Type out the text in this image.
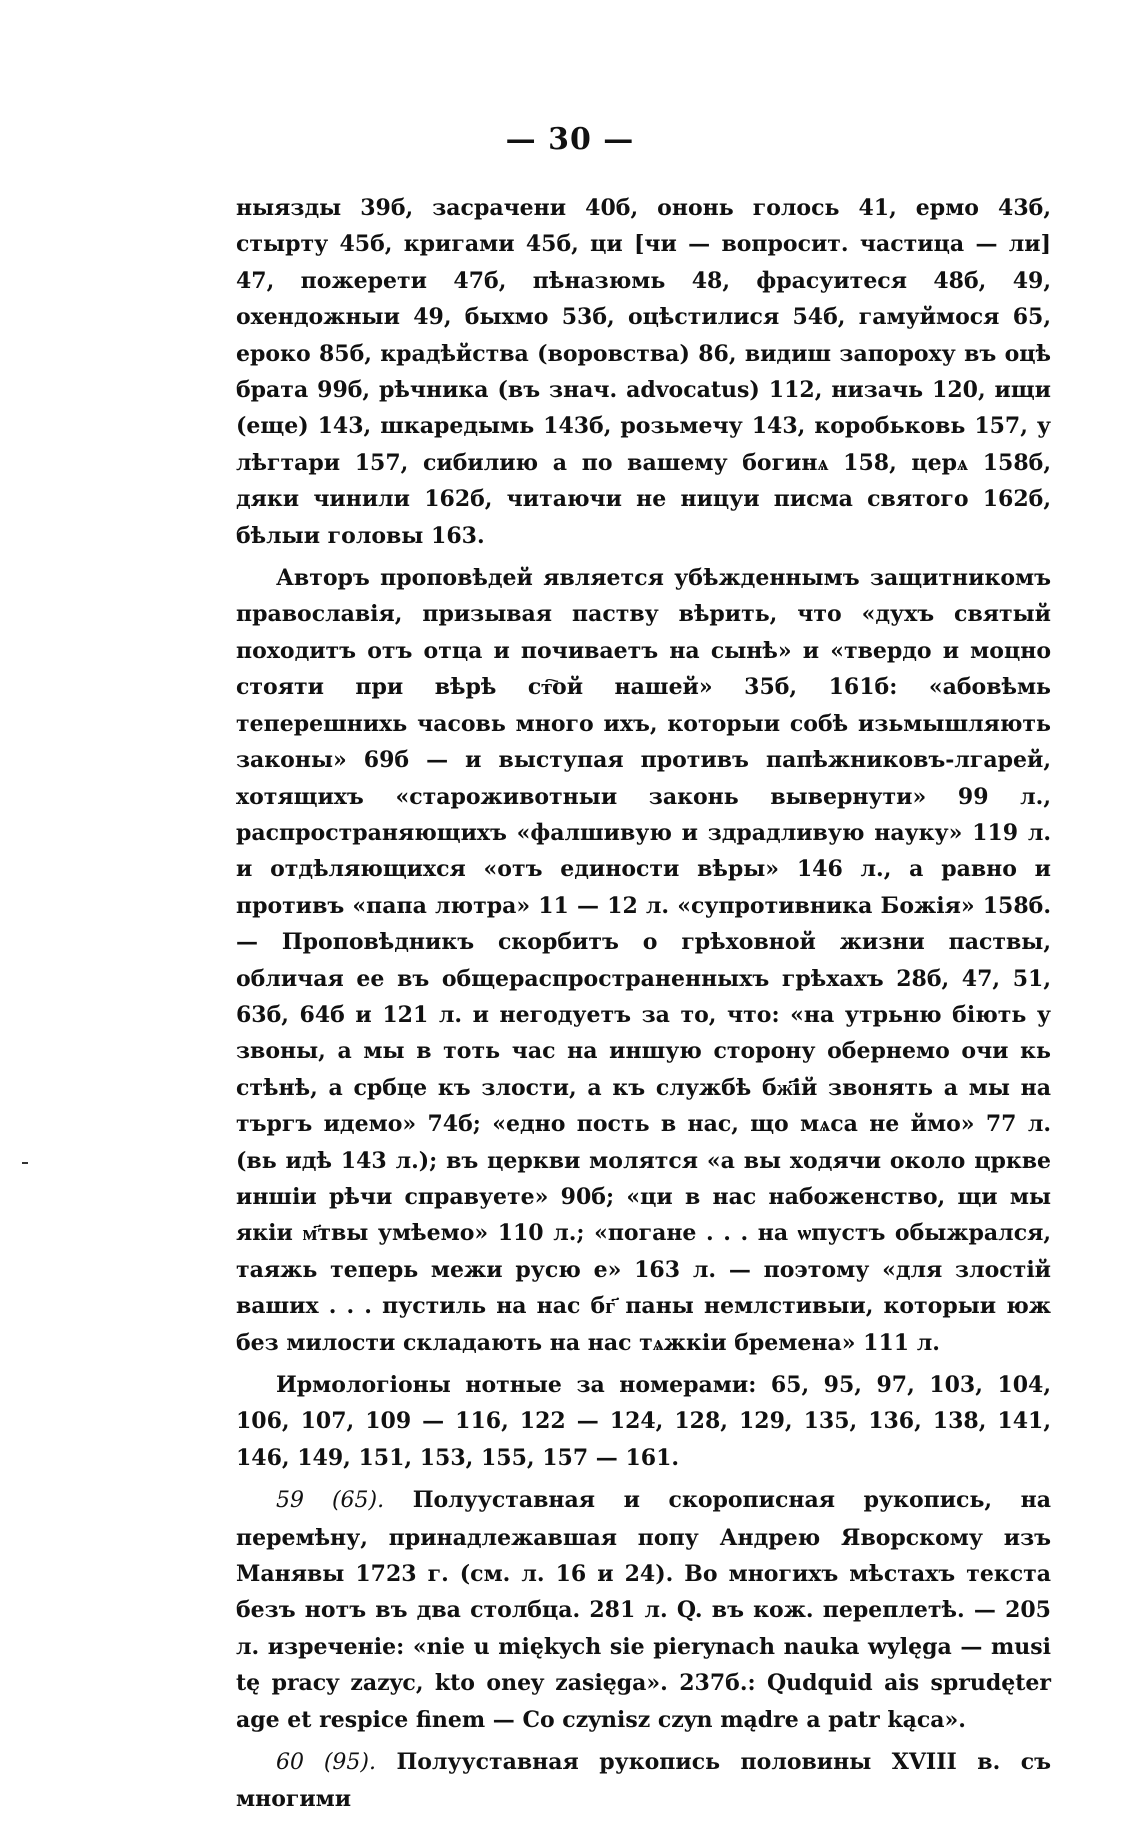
— 30 —

ныязды 39б, засрачени 40б, ононь голось 41, ермо 43б, стырту 45б, кригами 45б, ци [чи — вопросит. частица — ли] 47, пожерети 47б, пѣназюмь 48, фрасуитеся 48б, 49, охендожныи 49, быхмо 53б, оцѣстилися 54б, гамуймося 65, ероко 85б, крадѣйства (воровства) 86, видиш запороху въ оцѣ брата 99б, рѣчника (въ знач. advocatus) 112, низачь 120, ищи (еще) 143, шкаредымь 143б, розьмечу 143, коробьковь 157, у лѣгтари 157, сибилию а по вашему богинѧ 158, церѧ 158б, дяки чинили 162б, читаючи не ницуи писма святого 162б, бѣлыи головы 163.

Авторъ проповѣдей является убѣжденнымъ защитникомъ православія, призывая паству вѣрить, что «духъ святый походитъ отъ отца и почиваетъ на сынѣ» и «твердо и моцно стояти при вѣрѣ ст҇ой нашей» 35б, 161б: «абовѣмь теперешнихь часовь много ихъ, которыи собѣ изьмышляють законы» 69б — и выступая противъ папѣжниковъ-лгарей, хотящихъ «староживотныи законь вывернути» 99 л., распространяющихъ «фалшивую и здрадливую науку» 119 л. и отдѣляющихся «отъ единости вѣры» 146 л., а равно и противъ «папа лютра» 11 — 12 л. «супротивника Божія» 158б. — Проповѣдникъ скорбитъ о грѣховной жизни паствы, обличая ее въ общераспространенныхъ грѣхахъ 28б, 47, 51, 63б, 64б и 121 л. и негодуетъ за то, что: «на утрьню біють у звоны, а мы в тоть час на иншую сторону обернемо очи кь стѣнѣ, а србце къ злости, а къ службѣ бж҃ій звонять а мы на търгъ идемо» 74б; «едно пость в нас, що мѧса не ймо» 77 л. (вь идѣ 143 л.); въ церкви молятся «а вы ходячи около црквe иншіи рѣчи справуете» 90б; «ци в нас набоженство, щи мы якіи м҃твы умѣемо» 110 л.; «погане . . . на ѡпустъ обыжрался, таяжь теперь межи русю е» 163 л. — поэтому «для злостій ваших . . . пустиль на нас бг҃ паны немлстивыи, которыи юж без милости складають на нас тѧжкіи бремена» 111 л.

Ирмологіоны нотные за номерами: 65, 95, 97, 103, 104, 106, 107, 109 — 116, 122 — 124, 128, 129, 135, 136, 138, 141, 146, 149, 151, 153, 155, 157 — 161.

59 (65). Полууставная и скорописная рукопись, на перемѣну, принадлежавшая попу Андрею Яворскому изъ Манявы 1723 г. (см. л. 16 и 24). Во многихъ мѣстахъ текста безъ нотъ въ два столбца. 281 л. Q. въ кож. переплетѣ. — 205 л. изреченіе: «nie u miękych sie pierynach nauka wylęga — musi tę pracy zazyc, kto oney zasięga». 237б.: Qudquid ais sprudęter age et respice finem — Co czynisz czyn mądre a patr kąca».

60 (95). Полууставная рукопись половины XVIII в. съ многими
